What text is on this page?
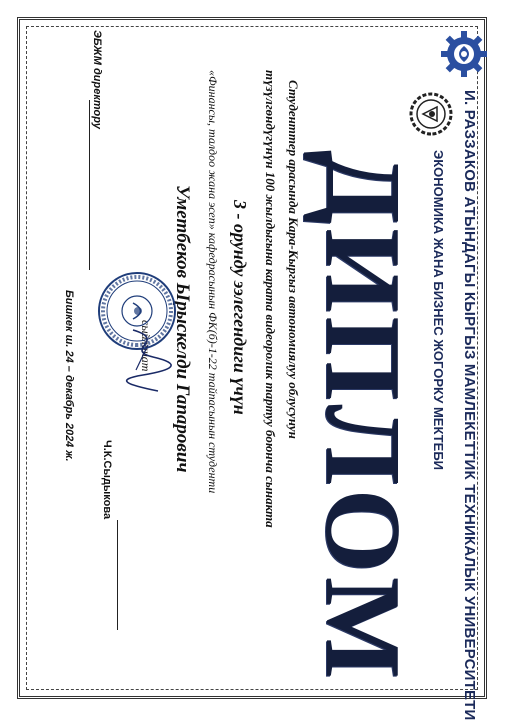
И. РАЗЗАКОВ АТЫНДАГЫ КЫРГЫЗ МАМЛЕКЕТТИК ТЕХНИКАЛЫК УНИВЕРСИТЕТИ
ЭКОНОМИКА ЖАНА БИЗНЕС ЖОГОРКУ МЕКТЕБИ
ДИПЛОМ
Студенттер арасында Кара-Кыргыз автономиялуу облусунун
түзүлгөндүгүнүн 100 жылдыгына карата видеоролик тартуу боюнча сынакта
3 - орунду ээлегендиги үчүн
«Финансы, талдоо жана эсеп» кафедрасынын ФК(б)-1-22 тайпасынын студенти
Уметбеков Ырыскелди Гапарович
сыйланат
ЭБЖМ директору
Ч.К.Сыдыкова
Бишкек ш. 24 – декабрь 2024 ж.
